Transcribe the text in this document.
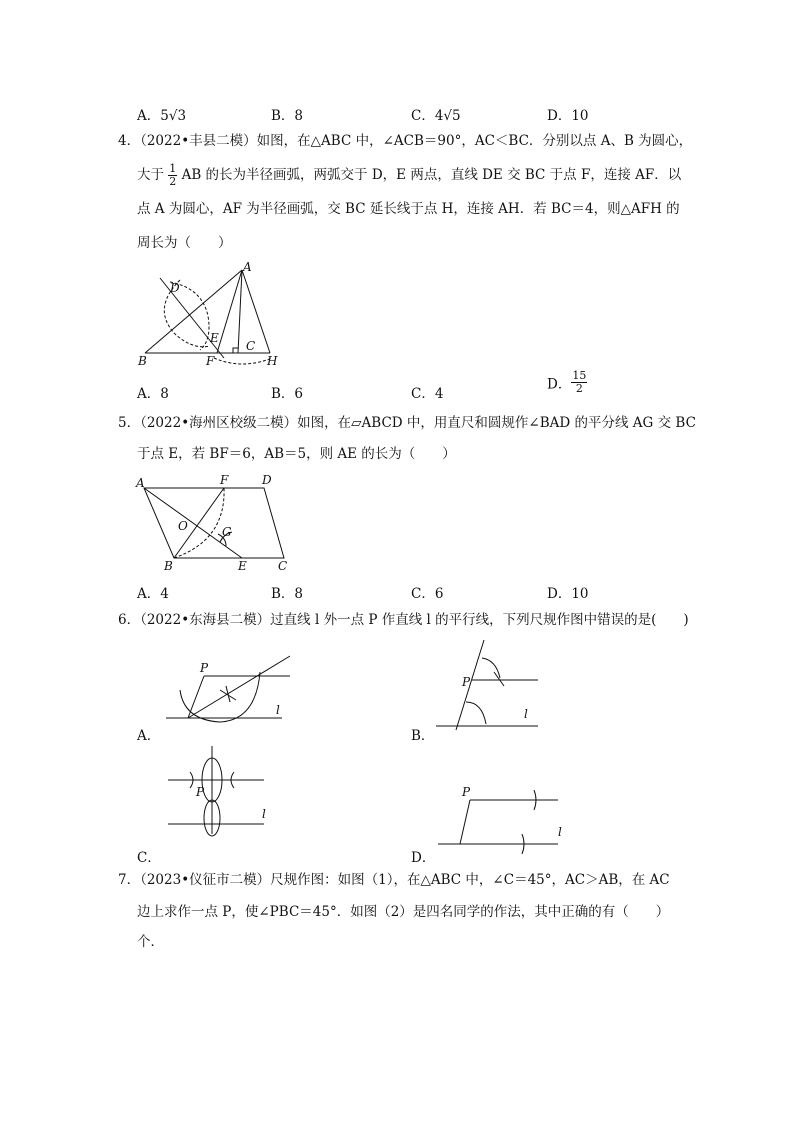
A．5√3	B．8	C．4√5	D．10
4．（2022•丰县二模）如图，在△ABC 中，∠ACB＝90°，AC＜BC．分别以点 A、B 为圆心，
大于 $\frac{1}{2}$ AB 的长为半径画弧，两弧交于 D，E 两点，直线 DE 交 BC 于点 F，连接 AF．以
点 A 为圆心，AF 为半径画弧，交 BC 延长线于点 H，连接 AH．若 BC＝4，则△AFH 的
周长为（　　）
D
A
E
B	F
C
H
A．8	B．6	C．4
D． $\frac{15}{2}$
5．（2022•海州区校级二模）如图，在▱ABCD 中，用直尺和圆规作∠BAD 的平分线 AG 交 BC
于点 E，若 BF＝6，AB＝5，则 AE 的长为（　　）
A	F	D
O	G
B	E	C
A．4	B．8	C．6	D．10
6．（2022•东海县二模）过直线 l 外一点 P 作直线 l 的平行线，下列尺规作图中错误的是(　　)
P
l
A．
P
l
B．
P
l
C．
P
l
D．
7．（2023•仪征市二模）尺规作图：如图（1），在△ABC 中，∠C＝45°，AC＞AB，在 AC
边上求作一点 P，使∠PBC＝45°．如图（2）是四名同学的作法，其中正确的有（　　）
个．
